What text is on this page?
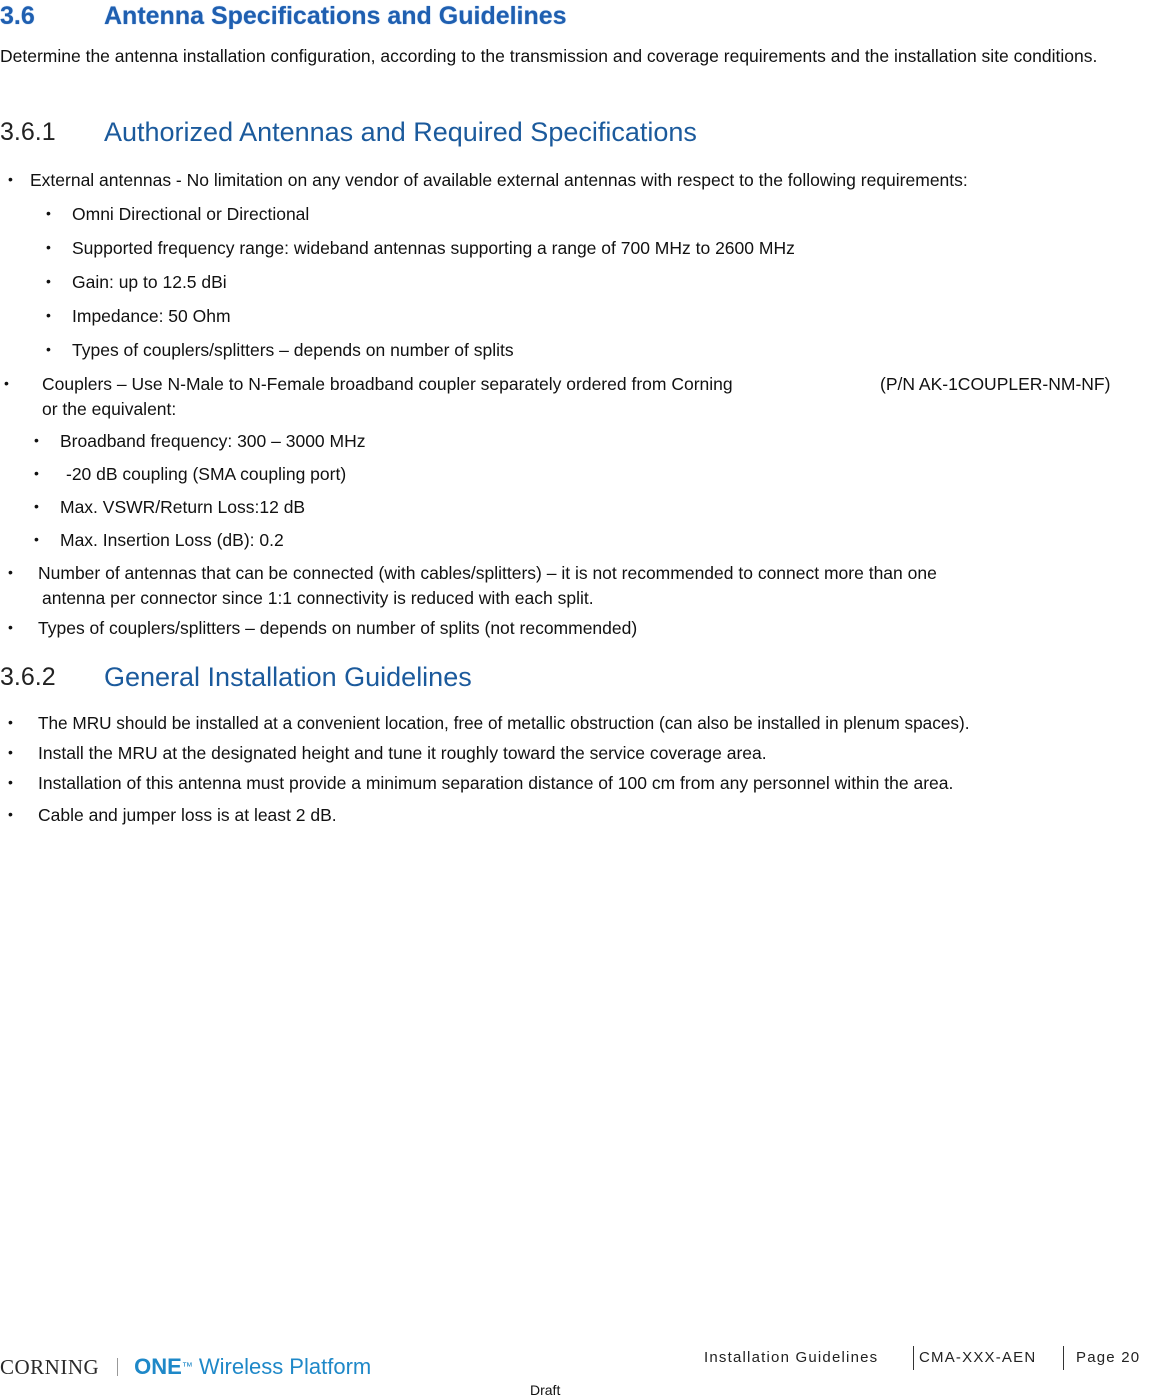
3.6	Antenna Specifications and Guidelines
Determine the antenna installation configuration, according to the transmission and coverage requirements and the installation site conditions.
3.6.1 Authorized Antennas and Required Specifications
• External antennas - No limitation on any vendor of available external antennas with respect to the following requirements:
• Omni Directional or Directional
• Supported frequency range: wideband antennas supporting a range of 700 MHz to 2600 MHz
• Gain: up to 12.5 dBi
• Impedance: 50 Ohm
• Types of couplers/splitters – depends on number of splits
• Couplers – Use N-Male to N-Female broadband coupler separately ordered from Corning	(P/N AK-1COUPLER-NM-NF)
or the equivalent:
• Broadband frequency: 300 – 3000 MHz
• -20 dB coupling (SMA coupling port)
• Max. VSWR/Return Loss:12 dB
• Max. Insertion Loss (dB): 0.2
• Number of antennas that can be connected (with cables/splitters) – it is not recommended to connect more than one
antenna per connector since 1:1 connectivity is reduced with each split.
• Types of couplers/splitters – depends on number of splits (not recommended)
3.6.2 General Installation Guidelines
• The MRU should be installed at a convenient location, free of metallic obstruction (can also be installed in plenum spaces).
• Install the MRU at the designated height and tune it roughly toward the service coverage area.
• Installation of this antenna must provide a minimum separation distance of 100 cm from any personnel within the area.
• Cable and jumper loss is at least 2 dB.
CORNING ONE ™ Wireless Platform	Installation Guidelines	CMA-XXX-AEN	Page 20
Draft
